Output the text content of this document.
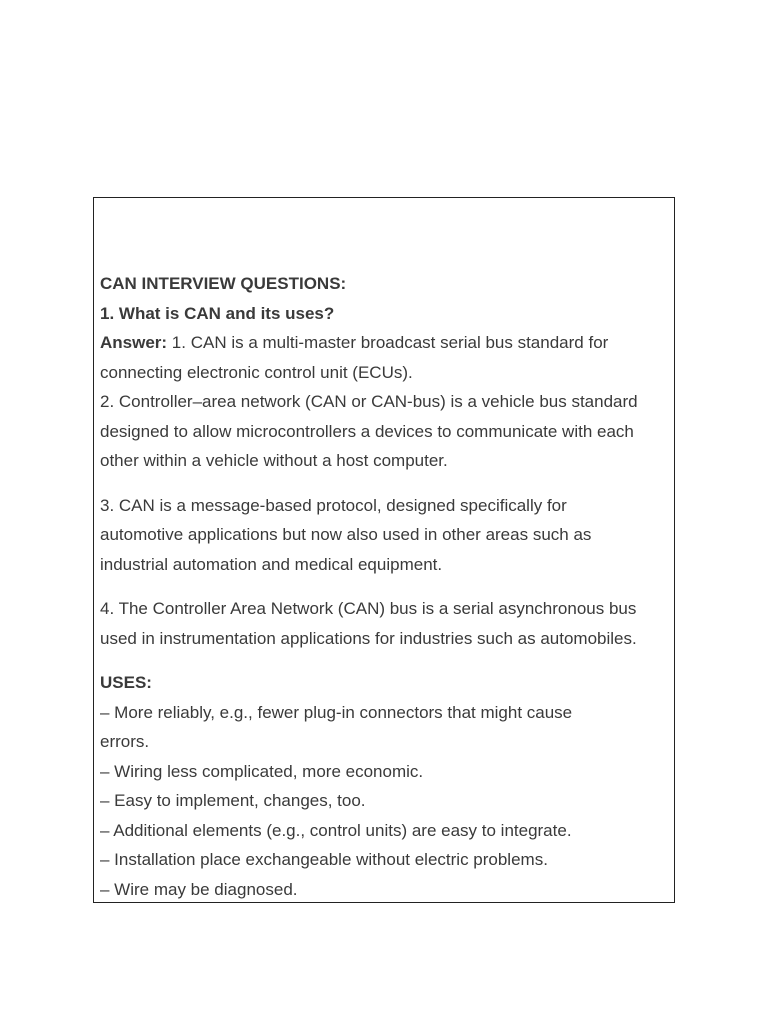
CAN INTERVIEW QUESTIONS:

1. What is CAN and its uses?

Answer: 1. CAN is a multi-master broadcast serial bus standard for

connecting electronic control unit (ECUs).

2. Controller–area network (CAN or CAN-bus) is a vehicle bus standard

designed to allow microcontrollers a devices to communicate with each

other within a vehicle without a host computer.

3. CAN is a message-based protocol, designed specifically for

automotive applications but now also used in other areas such as

industrial automation and medical equipment.

4. The Controller Area Network (CAN) bus is a serial asynchronous bus

used in instrumentation applications for industries such as automobiles.

USES:

– More reliably, e.g., fewer plug-in connectors that might cause

errors.

– Wiring less complicated, more economic.

– Easy to implement, changes, too.

– Additional elements (e.g., control units) are easy to integrate.

– Installation place exchangeable without electric problems.

– Wire may be diagnosed.
